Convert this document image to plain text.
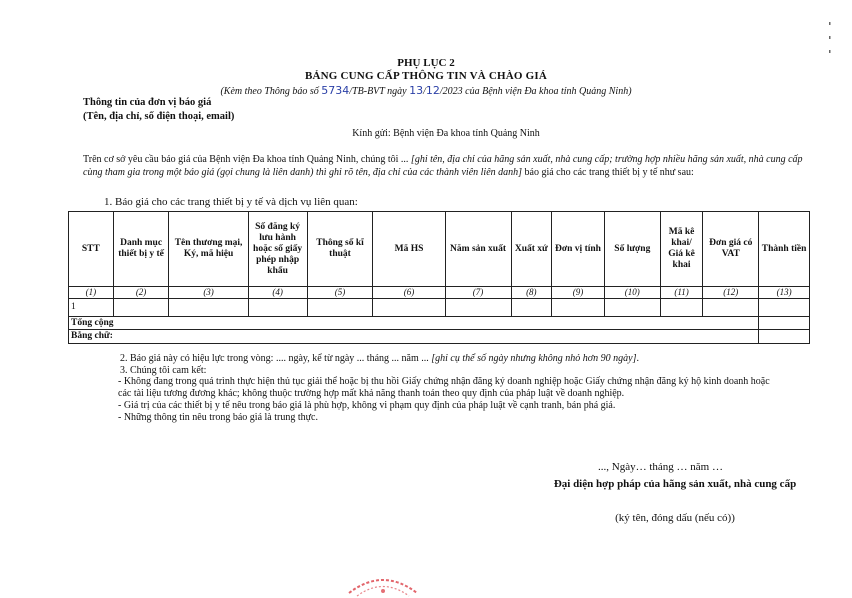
PHỤ LỤC 2
BẢNG CUNG CẤP THÔNG TIN VÀ CHÀO GIÁ
(Kèm theo Thông báo số 5734/TB-BVT ngày 13/12/2023 của Bệnh viện Đa khoa tỉnh Quảng Ninh)
Thông tin của đơn vị báo giá
(Tên, địa chỉ, số điện thoại, email)
Kính gửi: Bệnh viện Đa khoa tỉnh Quảng Ninh
Trên cơ sở yêu cầu báo giá của Bệnh viện Đa khoa tỉnh Quảng Ninh, chúng tôi ... [ghi tên, địa chỉ của hãng sản xuất, nhà cung cấp; trường hợp nhiều hãng sản xuất, nhà cung cấp cùng tham gia trong một báo giá (gọi chung là liên danh) thì ghi rõ tên, địa chỉ của các thành viên liên danh] báo giá cho các trang thiết bị y tế như sau:
1. Báo giá cho các trang thiết bị y tế và dịch vụ liên quan:
STT	Danh mục thiết bị y tế	Tên thương mại, Ký, mã hiệu	Số đăng ký lưu hành hoặc số giấy phép nhập khẩu	Thông số kĩ thuật	Mã HS	Năm sản xuất	Xuất xứ	Đơn vị tính	Số lượng	Mã kê khai/ Giá kê khai	Đơn giá có VAT	Thành tiền
(1)	(2)	(3)	(4)	(5)	(6)	(7)	(8)	(9)	(10)	(11)	(12)	(13)
1												
Tổng cộng												
Bằng chữ:												

2. Báo giá này có hiệu lực trong vòng: .... ngày, kể từ ngày ... tháng ... năm ... [ghi cụ thể số ngày nhưng không nhỏ hơn 90 ngày].

3. Chúng tôi cam kết:

- Không đang trong quá trình thực hiện thủ tục giải thể hoặc bị thu hồi Giấy chứng nhận đăng ký doanh nghiệp hoặc Giấy chứng nhận đăng ký hộ kinh doanh hoặc các tài liệu tương đương khác; không thuộc trường hợp mất khả năng thanh toán theo quy định của pháp luật về doanh nghiệp.

- Giá trị của các thiết bị y tế nêu trong báo giá là phù hợp, không vi phạm quy định của pháp luật về cạnh tranh, bán phá giá.

- Những thông tin nêu trong báo giá là trung thực.

..., Ngày… tháng … năm …
Đại diện hợp pháp của hãng sản xuất, nhà cung cấp
(ký tên, đóng dấu (nếu có))
